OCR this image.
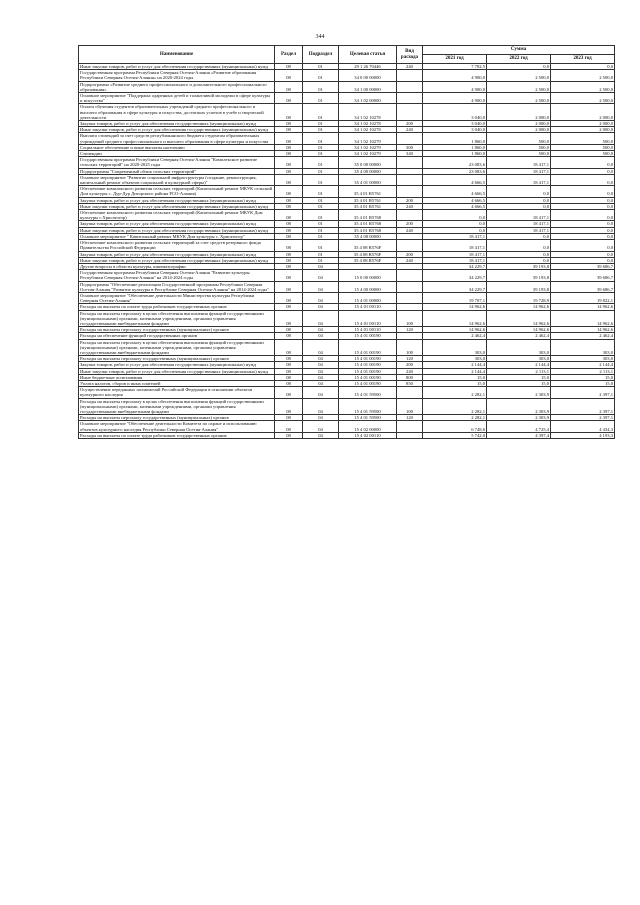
344
Наименование	Раздел	Подраздел	Целевая статья	Вид расхода	Сумма		
					2021 год	2022 год	2023 год
Иные закупки товаров, работ и услуг для обеспечения государственных (муниципальных) нужд	08	01	29 1 26 70446	240	7 782,5	0,0	0,0
Государственная программа Республики Северная Осетия-Алания «Развитие образования Республики Северная Осетия-Алания» на 2020-2024 годы	08	01	34 0 00 00000		4 900,0	2 500,0	2 500,0
Подпрограмма «Развитие среднего профессионального и дополнительного профессионального образования»	08	01	34 1 00 00000		4 900,0	2 500,0	2 500,0
Основное мероприятие "Поддержка одаренных детей и талантливой молодежи в сфере культуры и искусства"	08	01	34 1 02 00000		4 900,0	2 500,0	2 500,0
Оплата обучения студентов образовательных учреждений среднего профессионального и высшего образования в сфере культуры и искусства, достигших успехов в учебе и творческой деятельности	08	01	34 1 02 10278		3 040,0	2 000,0	2 000,0
Закупка товаров, работ и услуг для обеспечения государственных (муниципальных) нужд	08	01	34 1 02 10278	200	3 040,0	2 000,0	2 000,0
Иные закупки товаров, работ и услуг для обеспечения государственных (муниципальных) нужд	08	01	34 1 02 10278	240	3 040,0	2 000,0	2 000,0
Выплата стипендий за счет средств республиканского бюджета студентам образовательных учреждений среднего профессионального и высшего образования в сфере культуры и искусства	08	01	34 1 02 10279		1 860,0	500,0	500,0
Социальное обеспечение и иные выплаты населению	08	01	34 1 02 10279	300	1 860,0	500,0	500,0
Стипендии	08	01	34 1 02 10279	340	1 860,0	500,0	500,0
Государственная программа Республики Северная Осетия-Алания "Комплексное развитие сельских территорий" на 2020-2025 годы	08	01	35 0 00 00000		23 083,6	18 417,1	0,0
Подпрограмма "Современный облик сельских территорий"	08	01	35 4 00 00000		23 083,6	18 417,1	0,0
Основное мероприятие "Развитие социальной инфраструктуры (создание, реконструкция, капитальный ремонт объектов социальной и культурной сферы)"	08	01	35 4 01 00000		4 666,5	18 417,1	0,0
Обеспечение комплексного развития сельских территорий (Капитальный ремонт МКУК сельский Дом культуры с. Дур-Дур Дигорского района РСО-Алания)	08	01	35 4 01 R5761		4 666,5	0,0	0,0
Закупка товаров, работ и услуг для обеспечения государственных (муниципальных) нужд	08	01	35 4 01 R5761	200	4 666,5	0,0	0,0
Иные закупки товаров, работ и услуг для обеспечения государственных (муниципальных) нужд	08	01	35 4 01 R5761	240	4 666,5	0,0	0,0
Обеспечение комплексного развития сельских территорий (Капитальный ремонт МКУК Дом культуры с.Хрисатогор)	08	01	35 4 01 R5768		0,0	18 417,1	0,0
Закупка товаров, работ и услуг для обеспечения государственных (муниципальных) нужд	08	01	35 4 01 R5768	200	0,0	18 417,1	0,0
Иные закупки товаров, работ и услуг для обеспечения государственных (муниципальных) нужд	08	01	35 4 01 R5768	240	0,0	18 417,1	0,0
Основное мероприятие " Капитальный ремонт МКУК Дом культуры с. Хрисатогор"	08	01	35 4 08 00000		18 417,1	0,0	0,0
Обеспечение комплексного развития сельских территорий за счет средств резервного фонда Правительства Российской Федерации	08	01	35 4 08 R576F		18 417,1	0,0	0,0
Закупка товаров, работ и услуг для обеспечения государственных (муниципальных) нужд	08	01	35 4 08 R576F	200	18 417,1	0,0	0,0
Иные закупки товаров, работ и услуг для обеспечения государственных (муниципальных) нужд	08	01	35 4 08 R576F	240	18 417,1	0,0	0,0
Другие вопросы в области культуры, кинематографии	08	04			34 229,7	39 193,8	39 686,7
Государственная программа Республики Северная Осетия-Алания "Развитие культуры Республики Северная Осетия-Алания" на 2014-2024 годы	08	04	15 0 00 00000		34 229,7	39 193,8	39 686,7
Подпрограмма "Обеспечение реализации Государственной программы Республики Северная Осетия-Алания "Развитие культуры в Республике Северная Осетия-Алания" на 2014-2024 годы"	08	04	15 4 00 00000		34 229,7	39 193,8	39 686,7
Основное мероприятие "Обеспечение деятельности Министерства культуры Республики Северная Осетия-Алания"	08	04	15 4 01 00000		19 707,1	19 728,9	19 822,1
Расходы на выплаты по оплате труда работников государственных органов	08	04	15 4 01 00110		14 962,6	14 962,6	14 962,6
Расходы на выплаты персоналу в целях обеспечения выполнения функций государственными (муниципальными) органами, казенными учреждениями, органами управления государственными внебюджетными фондами	08	04	15 4 01 00110	100	14 962,6	14 962,6	14 962,6
Расходы на выплаты персоналу государственных (муниципальных) органов	08	04	15 4 01 00110	120	14 962,6	14 962,6	14 962,6
Расходы на обеспечение функций государственных органов	08	04	15 4 01 00190		2 462,4	2 462,4	2 462,4
Расходы на выплаты персоналу в целях обеспечения выполнения функций государственными (муниципальными) органами, казенными учреждениями, органами управления государственными внебюджетными фондами	08	04	15 4 01 00190	100	303,0	303,0	303,0
Расходы на выплаты персоналу государственных (муниципальных) органов	08	04	15 4 01 00190	120	303,0	303,0	303,0
Закупка товаров, работ и услуг для обеспечения государственных (муниципальных) нужд	08	04	15 4 01 00190	200	2 144,4	2 144,4	2 144,4
Иные закупки товаров, работ и услуг для обеспечения государственных (муниципальных) нужд	08	04	15 4 01 00190	240	2 144,4	2 113,1	2 113,1
Иные бюджетные ассигнования	08	04	15 4 01 00190	800	15,0	15,0	15,0
Уплата налогов, сборов и иных платежей	08	04	15 4 01 00190	850	15,0	15,0	15,0
Осуществление переданных полномочий Российской Федерации в отношении объектов культурного наследия	08	04	15 4 01 59500		2 282,1	2 303,9	2 397,1
Расходы на выплаты персоналу в целях обеспечения выполнения функций государственными (муниципальными) органами, казенными учреждениями, органами управления государственными внебюджетными фондами	08	04	15 4 01 59500	100	2 282,1	2 303,9	2 397,1
Расходы на выплаты персоналу государственных (муниципальных) органов	08	04	15 4 01 59500	120	2 282,1	2 303,9	2 397,1
Основное мероприятие "Обеспечение деятельности Комитета по охране и использованию объектов культурного наследия Республики Северная Осетия-Алания"	08	04	15 4 02 00000		6 748,6	4 725,4	4 434,3
Расходы на выплаты по оплате труда работников государственных органов	08	04	15 4 02 00110		5 742,0	4 397,4	4 193,3
